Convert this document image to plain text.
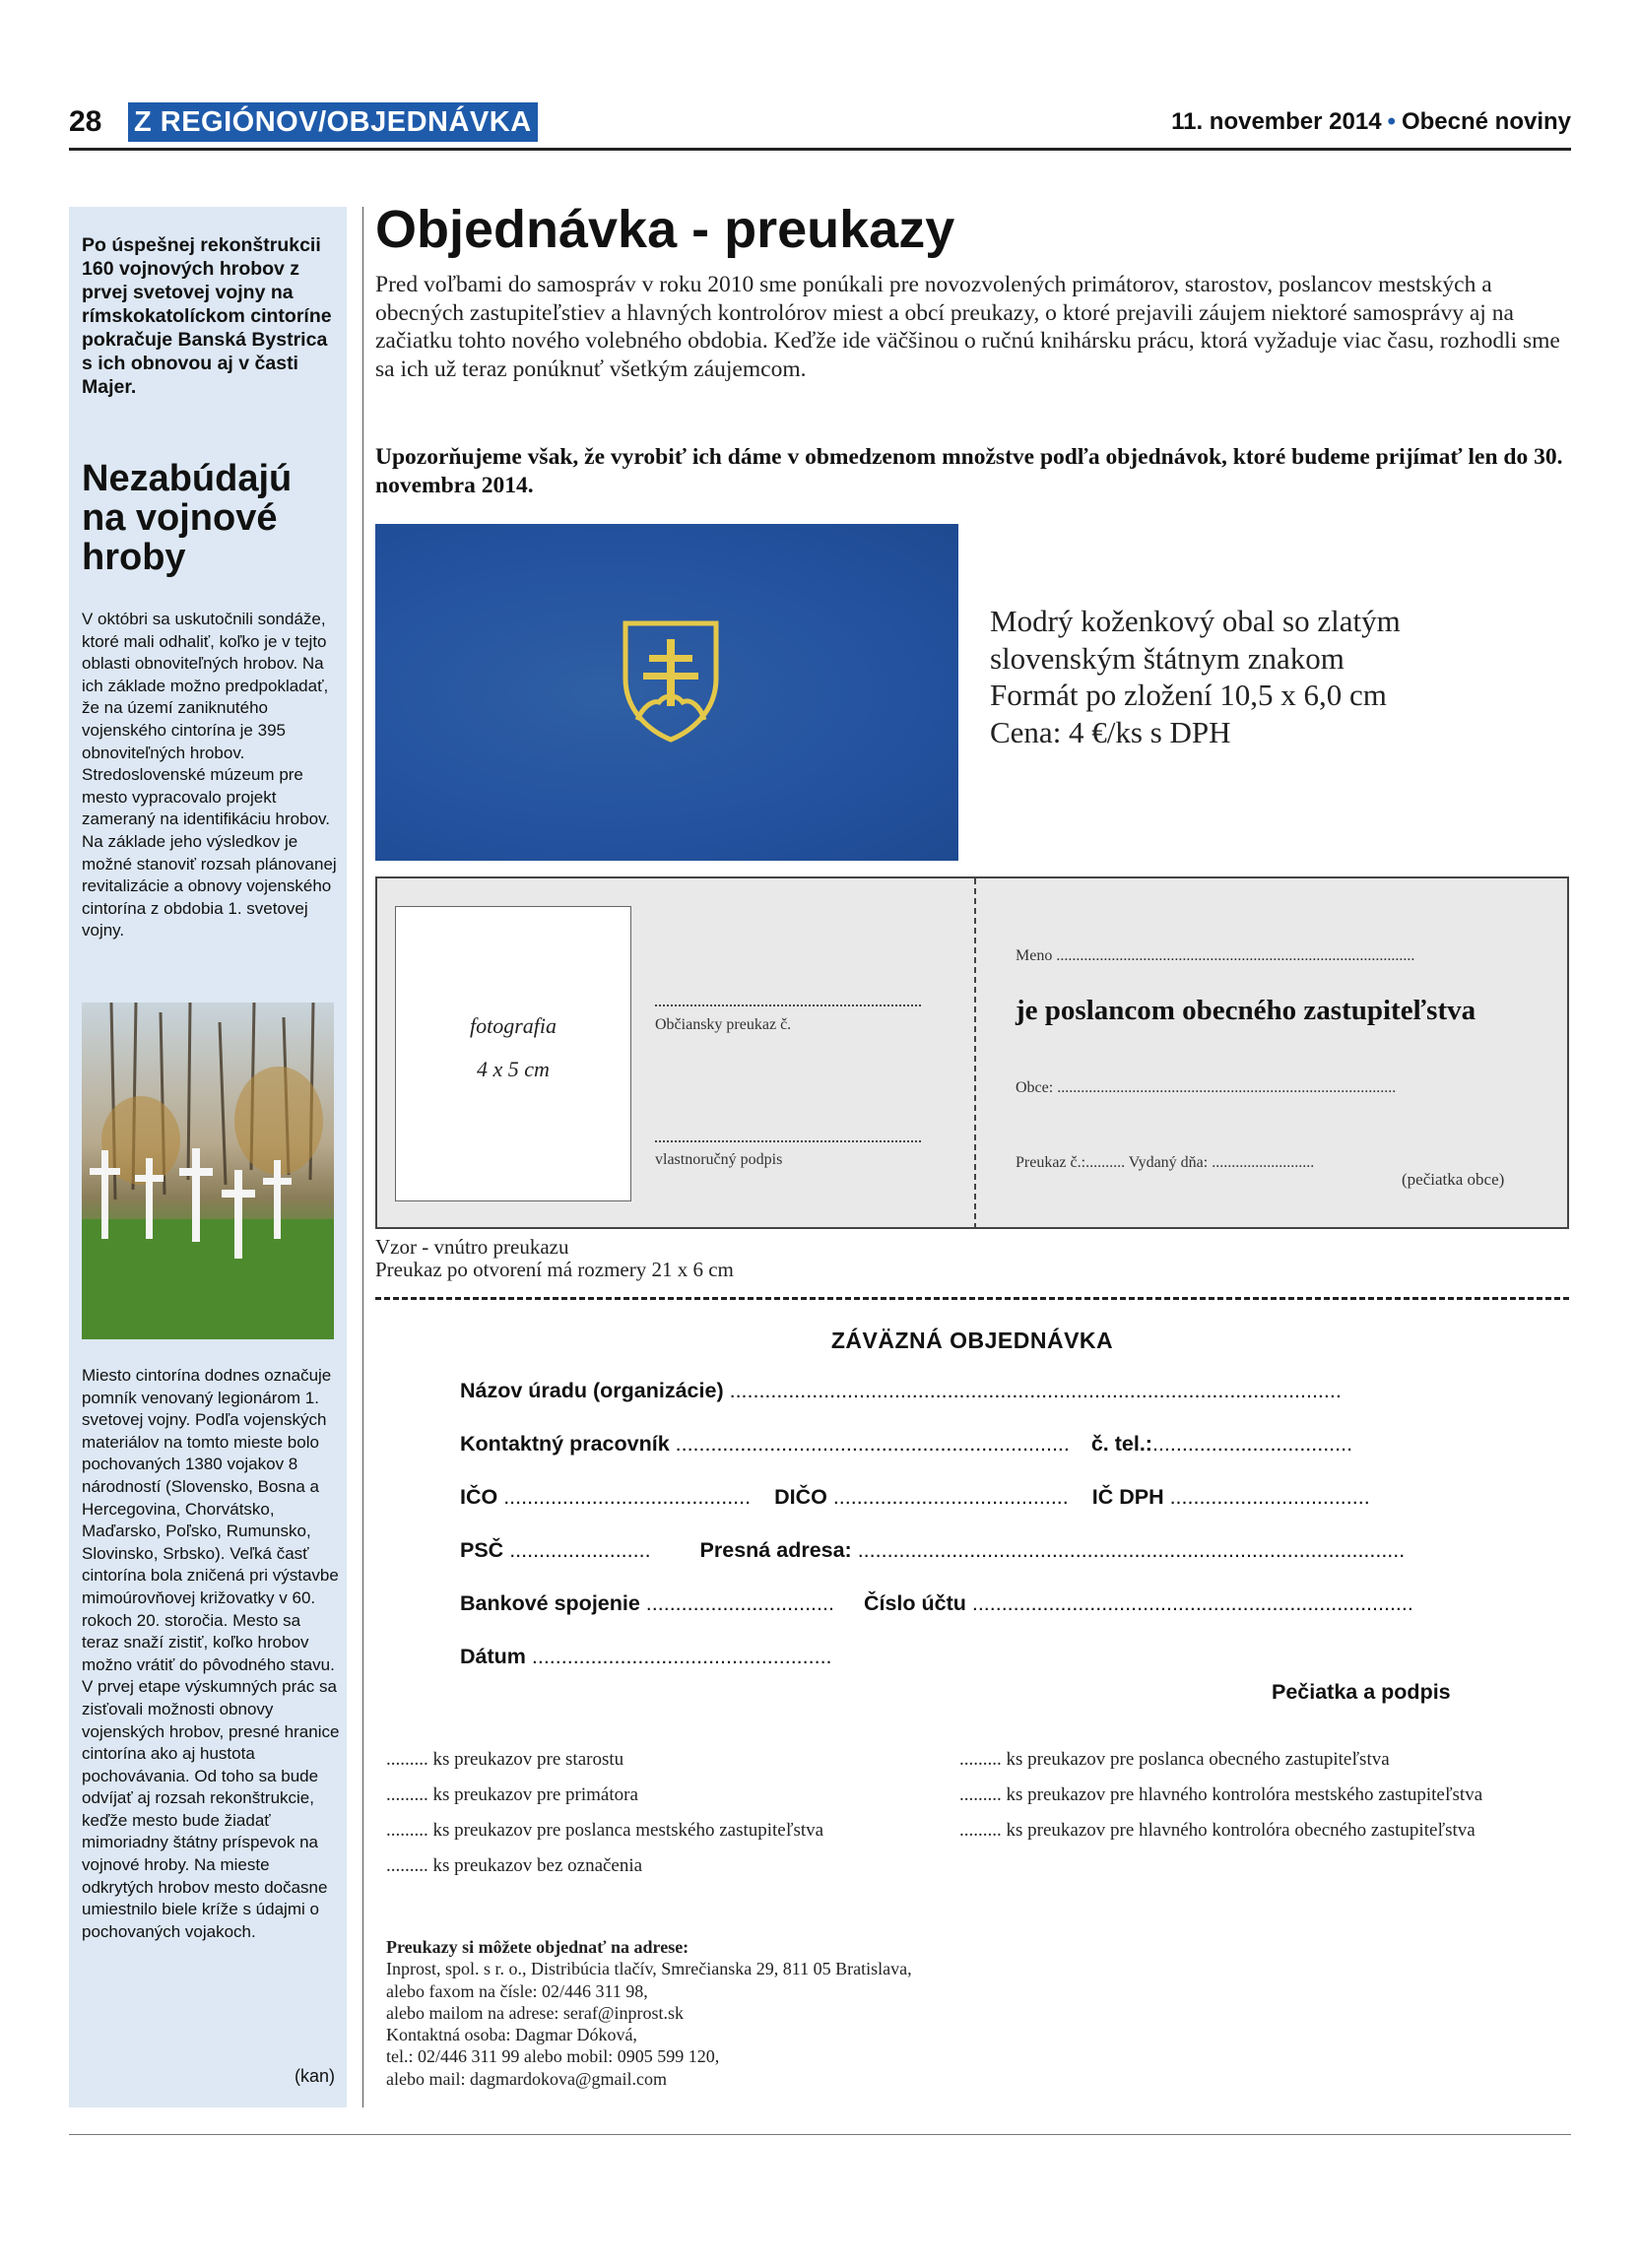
28 Z REGIÓNOV/OBJEDNÁVKA	11. november 2014 • Obecné noviny
Po úspešnej rekonštrukcii 160 vojnových hrobov z prvej svetovej vojny na rímskokatolíckom cintoríne pokračuje Banská Bystrica s ich obnovou aj v časti Majer.
Nezabúdajú na vojnové hroby
V októbri sa uskutočnili sondáže, ktoré mali odhaliť, koľko je v tejto oblasti obnoviteľných hrobov. Na ich základe možno predpokladať, že na území zaniknutého vojenského cintorína je 395 obnoviteľných hrobov. Stredoslovenské múzeum pre mesto vypracovalo projekt zameraný na identifikáciu hrobov. Na základe jeho výsledkov je možné stanoviť rozsah plánovanej revitalizácie a obnovy vojenského cintorína z obdobia 1. svetovej vojny.
Miesto cintorína dodnes označuje pomník venovaný legionárom 1. svetovej vojny. Podľa vojenských materiálov na tomto mieste bolo pochovaných 1380 vojakov 8 národností (Slovensko, Bosna a Hercegovina, Chorvátsko, Maďarsko, Poľsko, Rumunsko, Slovinsko, Srbsko). Veľká časť cintorína bola zničená pri výstavbe mimoúrovňovej križovatky v 60. rokoch 20. storočia. Mesto sa teraz snaží zistiť, koľko hrobov možno vrátiť do pôvodného stavu. V prvej etape výskumných prác sa zisťovali možnosti obnovy vojenských hrobov, presné hranice cintorína ako aj hustota pochovávania. Od toho sa bude odvíjať aj rozsah rekonštrukcie, keďže mesto bude žiadať mimoriadny štátny príspevok na vojnové hroby. Na mieste odkrytých hrobov mesto dočasne umiestnilo biele kríže s údajmi o pochovaných vojakoch.
(kan)
Objednávka - preukazy
Pred voľbami do samospráv v roku 2010 sme ponúkali pre novozvolených primátorov, starostov, poslancov mestských a obecných zastupiteľstiev a hlavných kontrolórov miest a obcí preukazy, o ktoré prejavili záujem niektoré samosprávy aj na začiatku tohto nového volebného obdobia. Keďže ide väčšinou o ručnú knihársku prácu, ktorá vyžaduje viac času, rozhodli sme sa ich už teraz ponúknuť všetkým záujemcom.
Upozorňujeme však, že vyrobiť ich dáme v obmedzenom množstve podľa objednávok, ktoré budeme prijímať len do 30. novembra 2014.
Modrý koženkový obal so zlatým
slovenským štátnym znakom
Formát po zložení 10,5 x 6,0 cm
Cena: 4 €/ks s DPH
fotografia
4 x 5 cm
Občiansky preukaz č.
vlastnoručný podpis
Meno ...........................................................................................
je poslancom obecného zastupiteľstva
Obce: ......................................................................................
Preukaz č.:.......... Vydaný dňa: ..........................
(pečiatka obce)
Vzor - vnútro preukazu
Preukaz po otvorení má rozmery 21 x 6 cm
ZÁVÄZNÁ OBJEDNÁVKA
Názov úradu (organizácie) ........................................................................................................
Kontaktný pracovník ................................................................... č. tel.:..................................
IČO .......................................... DIČO ........................................ IČ DPH ..................................
PSČ ........................ Presná adresa: .............................................................................................
Bankové spojenie ................................ Číslo účtu ...........................................................................
Dátum ...................................................
Pečiatka a podpis
......... ks preukazov pre starostu
......... ks preukazov pre primátora
......... ks preukazov pre poslanca mestského zastupiteľstva
......... ks preukazov bez označenia
......... ks preukazov pre poslanca obecného zastupiteľstva
......... ks preukazov pre hlavného kontrolóra mestského zastupiteľstva
......... ks preukazov pre hlavného kontrolóra obecného zastupiteľstva
Preukazy si môžete objednať na adrese:
Inprost, spol. s r. o., Distribúcia tlačív, Smrečianska 29, 811 05 Bratislava,
alebo faxom na čísle: 02/446 311 98,
alebo mailom na adrese: seraf@inprost.sk
Kontaktná osoba: Dagmar Dóková,
tel.: 02/446 311 99 alebo mobil: 0905 599 120,
alebo mail: dagmardokova@gmail.com
